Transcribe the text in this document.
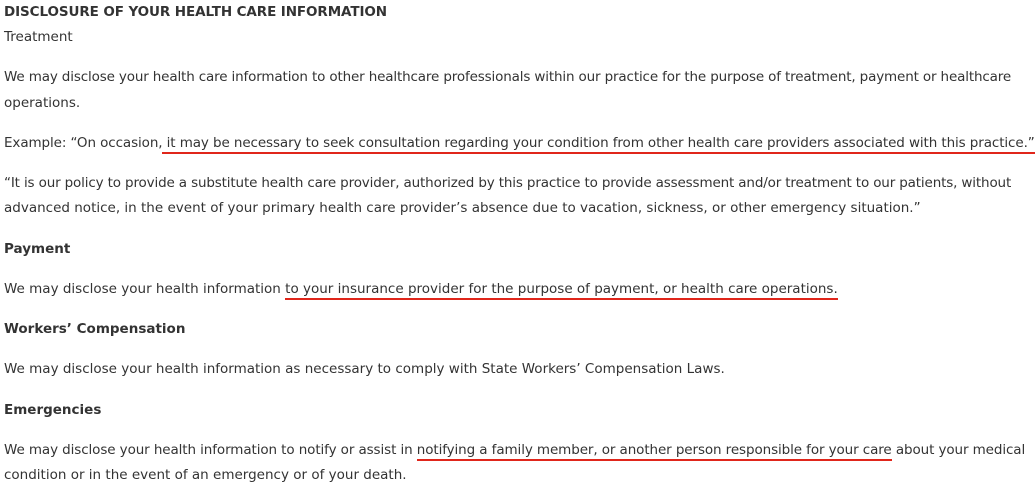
DISCLOSURE OF YOUR HEALTH CARE INFORMATION
Treatment
We may disclose your health care information to other healthcare professionals within our practice for the purpose of treatment, payment or healthcare
operations.
Example: “On occasion, it may be necessary to seek consultation regarding your condition from other health care providers associated with this practice.”
“It is our policy to provide a substitute health care provider, authorized by this practice to provide assessment and/or treatment to our patients, without
advanced notice, in the event of your primary health care provider’s absence due to vacation, sickness, or other emergency situation.”
Payment
We may disclose your health information to your insurance provider for the purpose of payment, or health care operations.
Workers’ Compensation
We may disclose your health information as necessary to comply with State Workers’ Compensation Laws.
Emergencies
We may disclose your health information to notify or assist in notifying a family member, or another person responsible for your care about your medical
condition or in the event of an emergency or of your death.
